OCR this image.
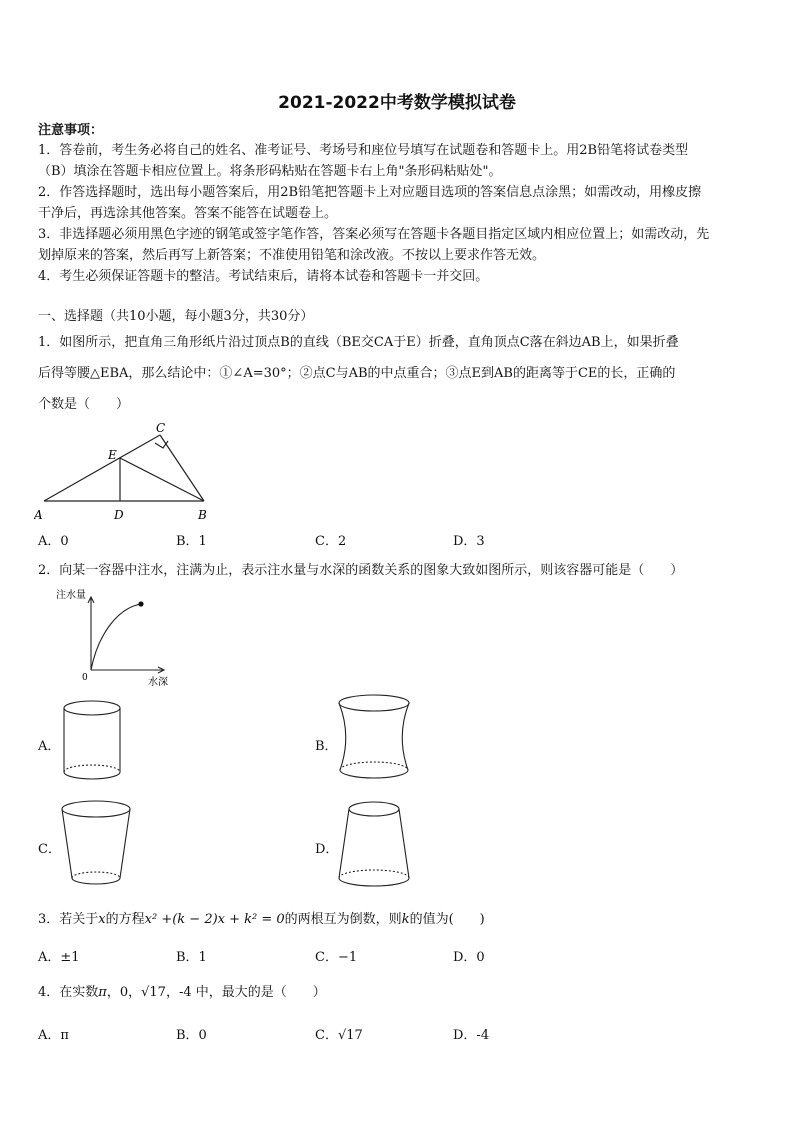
2021-2022中考数学模拟试卷
注意事项：
1．答卷前，考生务必将自己的姓名、准考证号、考场号和座位号填写在试题卷和答题卡上。用2B铅笔将试卷类型
（B）填涂在答题卡相应位置上。将条形码粘贴在答题卡右上角"条形码粘贴处"。
2．作答选择题时，选出每小题答案后，用2B铅笔把答题卡上对应题目选项的答案信息点涂黑；如需改动，用橡皮擦
干净后，再选涂其他答案。答案不能答在试题卷上。
3．非选择题必须用黑色字迹的钢笔或签字笔作答，答案必须写在答题卡各题目指定区域内相应位置上；如需改动，先
划掉原来的答案，然后再写上新答案；不准使用铅笔和涂改液。不按以上要求作答无效。
4．考生必须保证答题卡的整洁。考试结束后，请将本试卷和答题卡一并交回。
一、选择题（共10小题，每小题3分，共30分）
1．如图所示，把直角三角形纸片沿过顶点B的直线（BE交CA于E）折叠，直角顶点C落在斜边AB上，如果折叠
后得等腰△EBA，那么结论中：①∠A=30°；②点C与AB的中点重合；③点E到AB的距离等于CE的长，正确的
个数是（　　）
A	D	B
C
E
A．0	B．1	C．2	D．3
2．向某一容器中注水，注满为止，表示注水量与水深的函数关系的图象大致如图所示，则该容器可能是（　　）
注水量
水深
0
A．	B．
C．	D．
3．若关于x的方程x² +(k − 2)x + k² = 0的两根互为倒数，则k的值为(　　)
A．±1	B．1	C．−1	D．0
4．在实数π，0，√17，-4 中，最大的是（　　）
A．π	B．0	C．√17	D．-4
